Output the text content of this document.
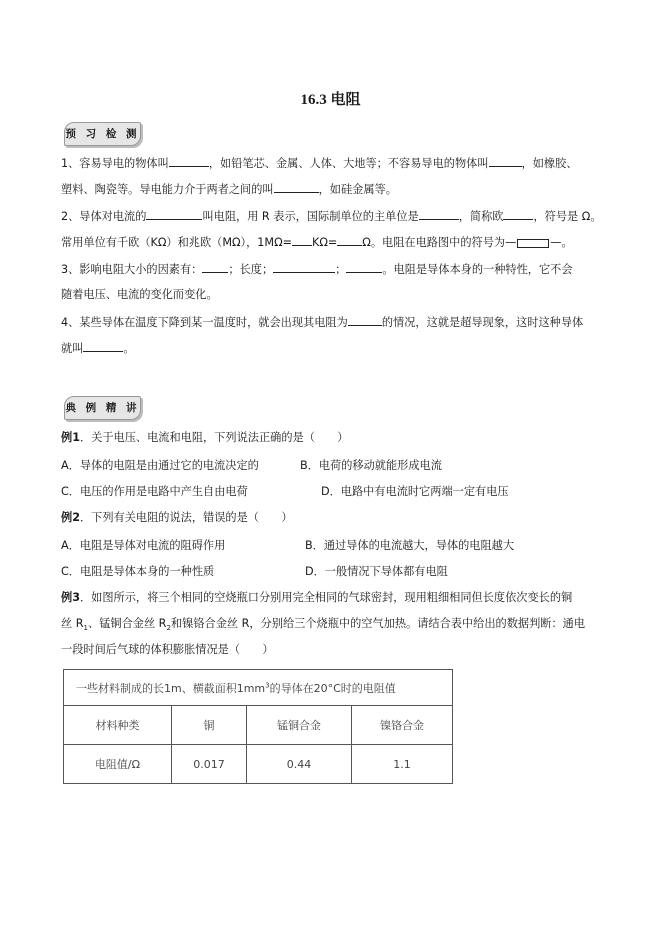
16.3 电阻
预 习 检 测
1、容易导电的物体叫	，如铅笔芯、金属、人体、大地等；不容易导电的物体叫	，如橡胶、
塑料、陶瓷等。导电能力介于两者之间的叫	，如硅金属等。
2、导体对电流的	叫电阻，用 R 表示，国际制单位的主单位是	，简称欧	，符号是 Ω。
常用单位有千欧（KΩ）和兆欧（MΩ），1MΩ= KΩ= Ω。电阻在电路图中的符号为—	—。
3、影响电阻大小的因素有： ；长度；	；	。电阻是导体本身的一种特性，它不会
随着电压、电流的变化而变化。
4、某些导体在温度下降到某一温度时，就会出现其电阻为	的情况，这就是超导现象，这时这种导体
就叫	。
典 例 精 讲
例1．关于电压、电流和电阻，下列说法正确的是（　　）
A．导体的电阻是由通过它的电流决定的	B．电荷的移动就能形成电流
C．电压的作用是电路中产生自由电荷	D．电路中有电流时它两端一定有电压
例2．下列有关电阻的说法，错误的是（　　）
A．电阻是导体对电流的阻碍作用	B．通过导体的电流越大，导体的电阻越大
C．电阻是导体本身的一种性质	D．一般情况下导体都有电阻
例3．如图所示，将三个相同的空烧瓶口分别用完全相同的气球密封，现用粗细相同但长度依次变长的铜
丝 $R_1$、锰铜合金丝 $R_2$和镍铬合金丝 R，分别给三个烧瓶中的空气加热。请结合表中给出的数据判断：通电
一段时间后气球的体积膨胀情况是（　　）
一些材料制成的长1m、横截面积$1mm^3$的导体在20°C时的电阻值			
材料种类	铜	锰铜合金	镍铬合金
电阻值/Ω	0.017	0.44	1.1
